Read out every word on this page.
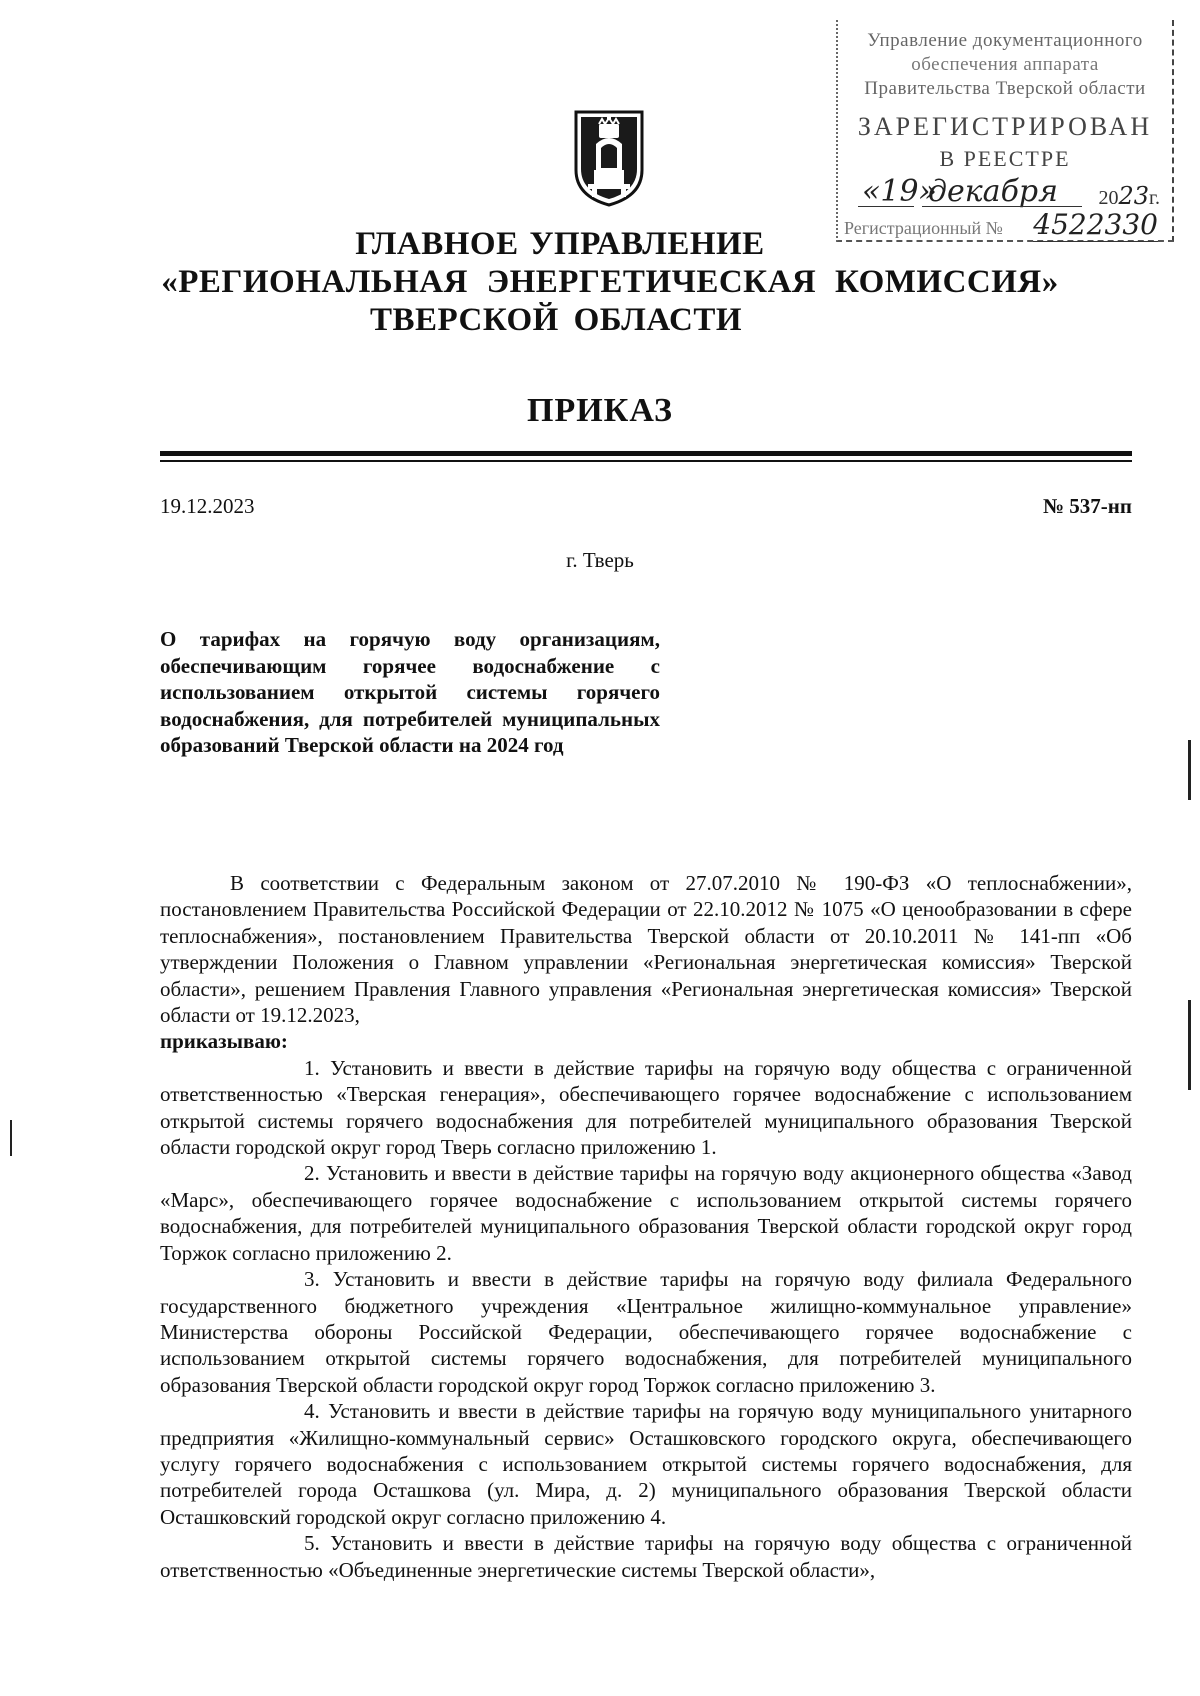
Управление документационного
обеспечения аппарата
Правительства Тверской области
ЗАРЕГИСТРИРОВАН
В РЕЕСТРЕ
«19»
декабря 2023г.
Регистрационный № 4522330
ГЛАВНОЕ УПРАВЛЕНИЕ
«РЕГИОНАЛЬНАЯ ЭНЕРГЕТИЧЕСКАЯ КОМИССИЯ»
ТВЕРСКОЙ ОБЛАСТИ
ПРИКАЗ
19.12.2023	№ 537-нп
г. Тверь
О тарифах на горячую воду организациям, обеспечивающим горячее водоснабжение с использованием открытой системы горячего водоснабжения, для потребителей муниципальных образований Тверской области на 2024 год

В соответствии с Федеральным законом от 27.07.2010 № 190-ФЗ «О теплоснабжении», постановлением Правительства Российской Федерации от 22.10.2012 № 1075 «О ценообразовании в сфере теплоснабжения», постановлением Правительства Тверской области от 20.10.2011 № 141-пп «Об утверждении Положения о Главном управлении «Региональная энергетическая комиссия» Тверской области», решением Правления Главного управления «Региональная энергетическая комиссия» Тверской области от 19.12.2023,

приказываю:

1. Установить и ввести в действие тарифы на горячую воду общества с ограниченной ответственностью «Тверская генерация», обеспечивающего горячее водоснабжение с использованием открытой системы горячего водоснабжения для потребителей муниципального образования Тверской области городской округ город Тверь согласно приложению 1.

2. Установить и ввести в действие тарифы на горячую воду акционерного общества «Завод «Марс», обеспечивающего горячее водоснабжение с использованием открытой системы горячего водоснабжения, для потребителей муниципального образования Тверской области городской округ город Торжок согласно приложению 2.

3. Установить и ввести в действие тарифы на горячую воду филиала Федерального государственного бюджетного учреждения «Центральное жилищно-коммунальное управление» Министерства обороны Российской Федерации, обеспечивающего горячее водоснабжение с использованием открытой системы горячего водоснабжения, для потребителей муниципального образования Тверской области городской округ город Торжок согласно приложению 3.

4. Установить и ввести в действие тарифы на горячую воду муниципального унитарного предприятия «Жилищно-коммунальный сервис» Осташковского городского округа, обеспечивающего услугу горячего водоснабжения с использованием открытой системы горячего водоснабжения, для потребителей города Осташкова (ул. Мира, д. 2) муниципального образования Тверской области Осташковский городской округ согласно приложению 4.

5. Установить и ввести в действие тарифы на горячую воду общества с ограниченной ответственностью «Объединенные энергетические системы Тверской области»,
